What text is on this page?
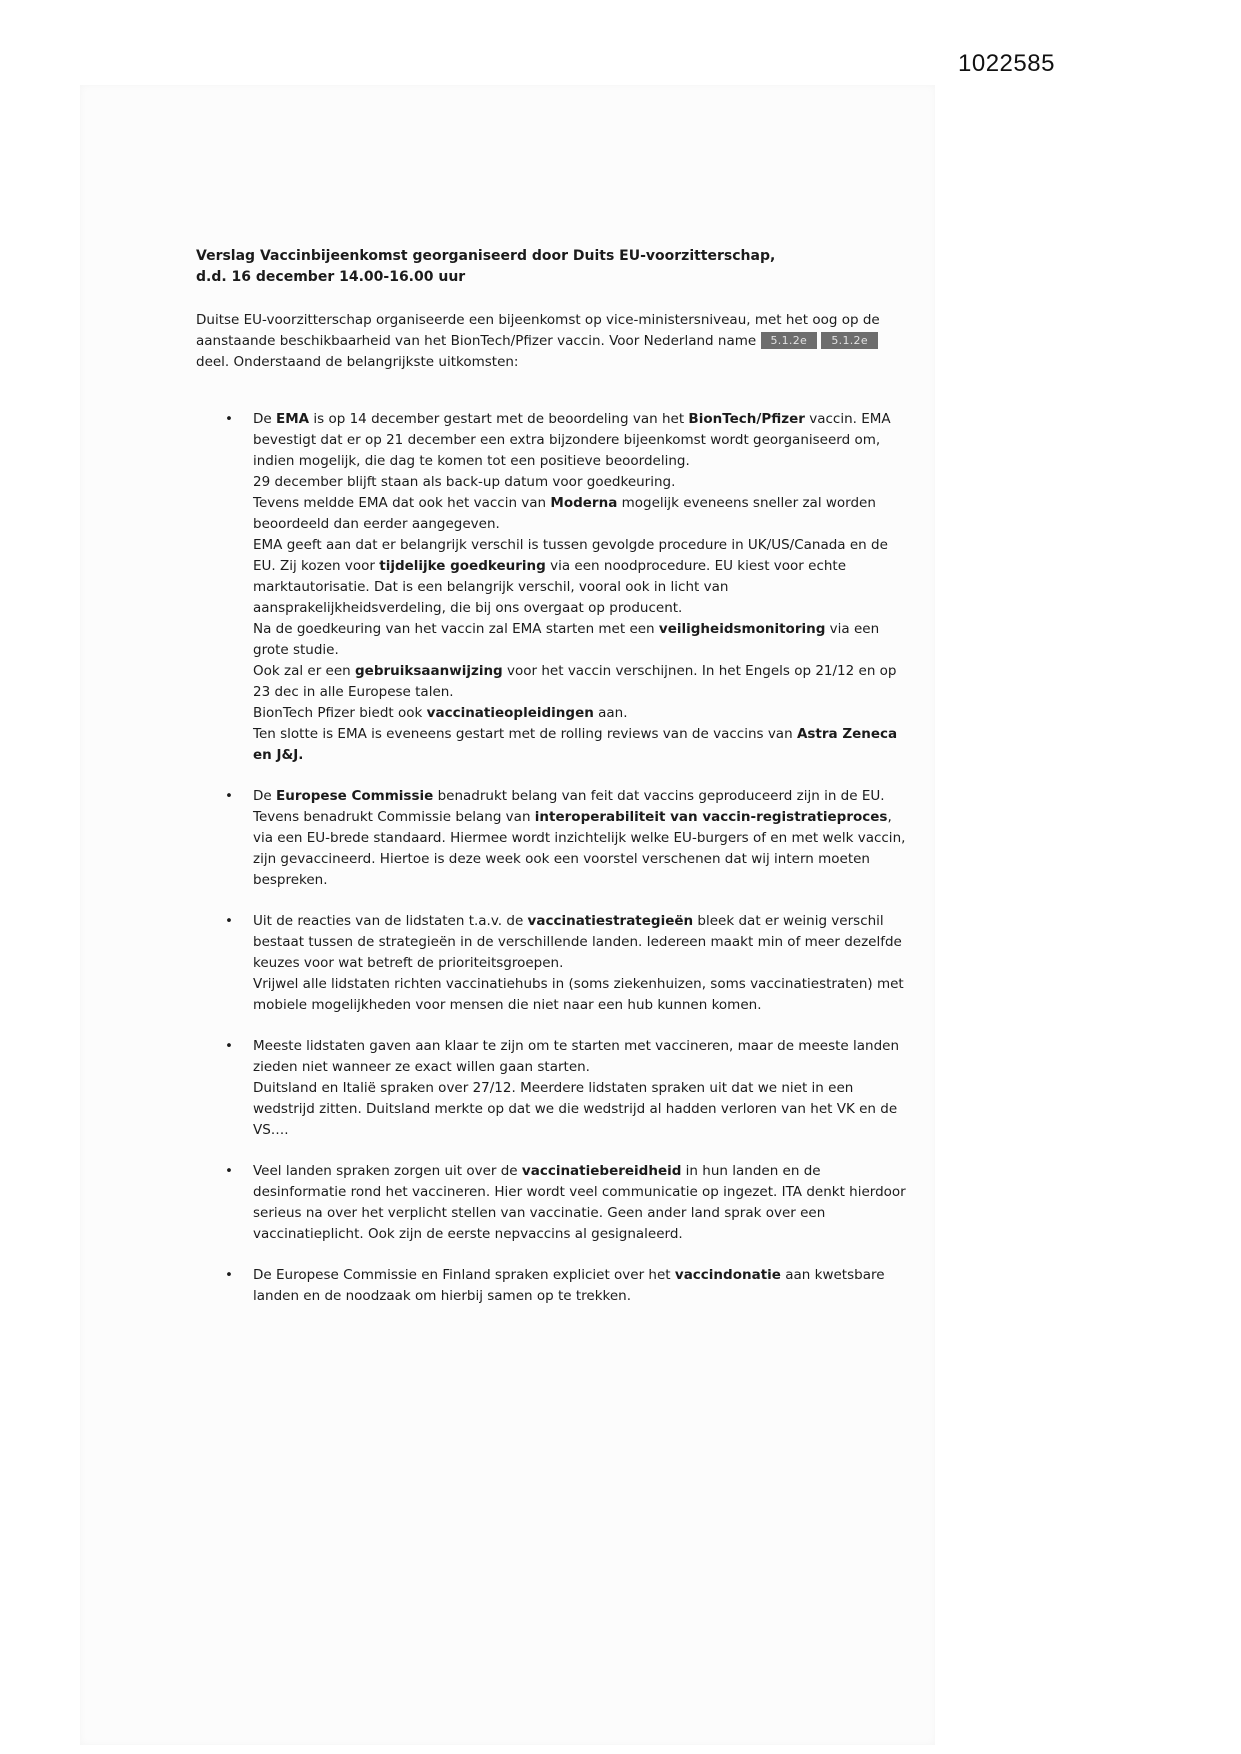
1022585
Verslag Vaccinbijeenkomst georganiseerd door Duits EU-voorzitterschap,
d.d. 16 december 14.00-16.00 uur

Duitse EU-voorzitterschap organiseerde een bijeenkomst op vice-ministersniveau, met het oog op de aanstaande beschikbaarheid van het BionTech/Pfizer vaccin. Voor Nederland name 5.1.2e 5.1.2e deel. Onderstaand de belangrijkste uitkomsten:

• De EMA is op 14 december gestart met de beoordeling van het BionTech/Pfizer vaccin. EMA bevestigt dat er op 21 december een extra bijzondere bijeenkomst wordt georganiseerd om, indien mogelijk, die dag te komen tot een positieve beoordeling.
29 december blijft staan als back-up datum voor goedkeuring.
Tevens meldde EMA dat ook het vaccin van Moderna mogelijk eveneens sneller zal worden beoordeeld dan eerder aangegeven.
EMA geeft aan dat er belangrijk verschil is tussen gevolgde procedure in UK/US/Canada en de EU. Zij kozen voor tijdelijke goedkeuring via een noodprocedure. EU kiest voor echte marktautorisatie. Dat is een belangrijk verschil, vooral ook in licht van aansprakelijkheidsverdeling, die bij ons overgaat op producent.
Na de goedkeuring van het vaccin zal EMA starten met een veiligheidsmonitoring via een grote studie.
Ook zal er een gebruiksaanwijzing voor het vaccin verschijnen. In het Engels op 21/12 en op 23 dec in alle Europese talen.
BionTech Pfizer biedt ook vaccinatieopleidingen aan.
Ten slotte is EMA is eveneens gestart met de rolling reviews van de vaccins van Astra Zeneca en J&J.
• De Europese Commissie benadrukt belang van feit dat vaccins geproduceerd zijn in de EU. Tevens benadrukt Commissie belang van interoperabiliteit van vaccin-registratieproces, via een EU-brede standaard. Hiermee wordt inzichtelijk welke EU-burgers of en met welk vaccin, zijn gevaccineerd. Hiertoe is deze week ook een voorstel verschenen dat wij intern moeten bespreken.
• Uit de reacties van de lidstaten t.a.v. de vaccinatiestrategieën bleek dat er weinig verschil bestaat tussen de strategieën in de verschillende landen. Iedereen maakt min of meer dezelfde keuzes voor wat betreft de prioriteitsgroepen.
Vrijwel alle lidstaten richten vaccinatiehubs in (soms ziekenhuizen, soms vaccinatiestraten) met mobiele mogelijkheden voor mensen die niet naar een hub kunnen komen.
• Meeste lidstaten gaven aan klaar te zijn om te starten met vaccineren, maar de meeste landen zieden niet wanneer ze exact willen gaan starten.
Duitsland en Italië spraken over 27/12. Meerdere lidstaten spraken uit dat we niet in een wedstrijd zitten. Duitsland merkte op dat we die wedstrijd al hadden verloren van het VK en de VS….
• Veel landen spraken zorgen uit over de vaccinatiebereidheid in hun landen en de desinformatie rond het vaccineren. Hier wordt veel communicatie op ingezet. ITA denkt hierdoor serieus na over het verplicht stellen van vaccinatie. Geen ander land sprak over een vaccinatieplicht. Ook zijn de eerste nepvaccins al gesignaleerd.
• De Europese Commissie en Finland spraken expliciet over het vaccindonatie aan kwetsbare landen en de noodzaak om hierbij samen op te trekken.
